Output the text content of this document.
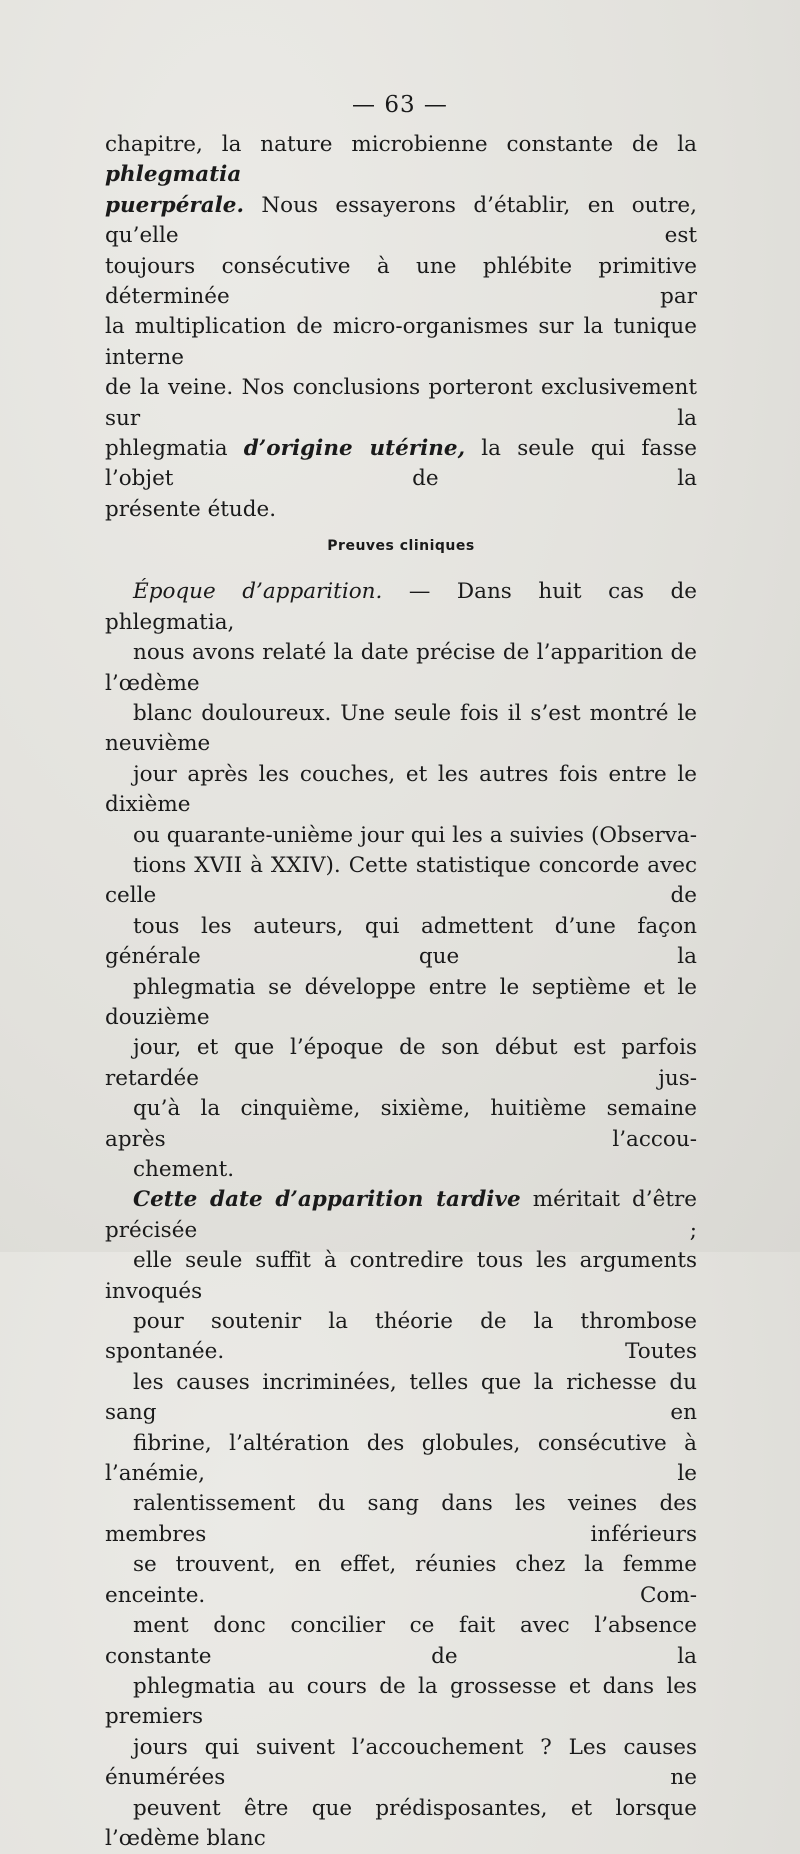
— 63 —

chapitre, la nature microbienne constante de la phlegmatia
puerpérale. Nous essayerons d’établir, en outre, qu’elle est
toujours consécutive à une phlébite primitive déterminée par
la multiplication de micro-organismes sur la tunique interne
de la veine. Nos conclusions porteront exclusivement sur la
phlegmatia d’origine utérine, la seule qui fasse l’objet de la
présente étude.

Preuves cliniques

Époque d’apparition. — Dans huit cas de phlegmatia,
nous avons relaté la date précise de l’apparition de l’œdème
blanc douloureux. Une seule fois il s’est montré le neuvième
jour après les couches, et les autres fois entre le dixième
ou quarante-unième jour qui les a suivies (Observa-
tions XVII à XXIV). Cette statistique concorde avec celle de
tous les auteurs, qui admettent d’une façon générale que la
phlegmatia se développe entre le septième et le douzième
jour, et que l’époque de son début est parfois retardée jus-
qu’à la cinquième, sixième, huitième semaine après l’accou-
chement.

Cette date d’apparition tardive méritait d’être précisée ;
elle seule suffit à contredire tous les arguments invoqués
pour soutenir la théorie de la thrombose spontanée. Toutes
les causes incriminées, telles que la richesse du sang en
fibrine, l’altération des globules, consécutive à l’anémie, le
ralentissement du sang dans les veines des membres inférieurs
se trouvent, en effet, réunies chez la femme enceinte. Com-
ment donc concilier ce fait avec l’absence constante de la
phlegmatia au cours de la grossesse et dans les premiers
jours qui suivent l’accouchement ? Les causes énumérées ne
peuvent être que prédisposantes, et lorsque l’œdème blanc
